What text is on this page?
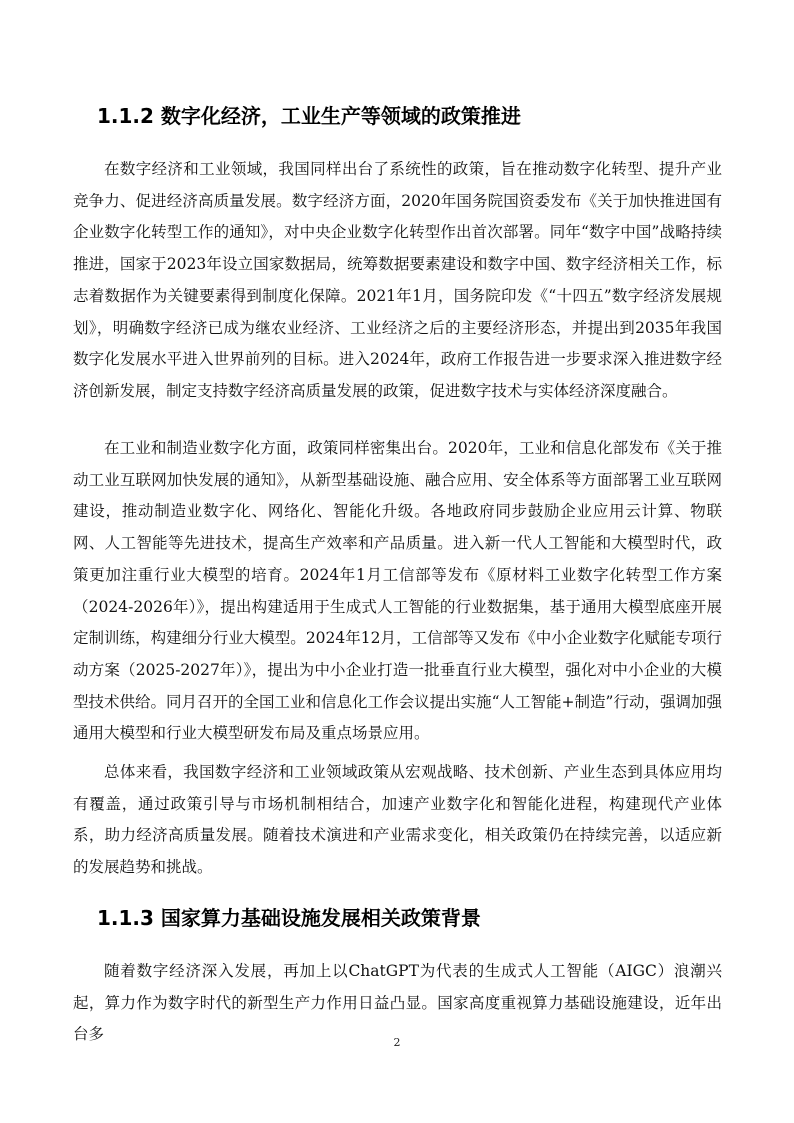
1.1.2 数字化经济，工业生产等领域的政策推进

在数字经济和工业领域，我国同样出台了系统性的政策，旨在推动数字化转型、提升产业竞争力、促进经济高质量发展。数字经济方面，2020年国务院国资委发布《关于加快推进国有企业数字化转型工作的通知》，对中央企业数字化转型作出首次部署。同年“数字中国”战略持续推进，国家于2023年设立国家数据局，统筹数据要素建设和数字中国、数字经济相关工作，标志着数据作为关键要素得到制度化保障。2021年1月，国务院印发《“十四五”数字经济发展规划》，明确数字经济已成为继农业经济、工业经济之后的主要经济形态，并提出到2035年我国数字化发展水平进入世界前列的目标。进入2024年，政府工作报告进一步要求深入推进数字经济创新发展，制定支持数字经济高质量发展的政策，促进数字技术与实体经济深度融合。

在工业和制造业数字化方面，政策同样密集出台。2020年，工业和信息化部发布《关于推动工业互联网加快发展的通知》，从新型基础设施、融合应用、安全体系等方面部署工业互联网建设，推动制造业数字化、网络化、智能化升级。各地政府同步鼓励企业应用云计算、物联网、人工智能等先进技术，提高生产效率和产品质量。进入新一代人工智能和大模型时代，政策更加注重行业大模型的培育。2024年1月工信部等发布《原材料工业数字化转型工作方案（2024-2026年）》，提出构建适用于生成式人工智能的行业数据集，基于通用大模型底座开展定制训练，构建细分行业大模型。2024年12月，工信部等又发布《中小企业数字化赋能专项行动方案（2025-2027年）》，提出为中小企业打造一批垂直行业大模型，强化对中小企业的大模型技术供给。同月召开的全国工业和信息化工作会议提出实施“人工智能+制造”行动，强调加强通用大模型和行业大模型研发布局及重点场景应用。

总体来看，我国数字经济和工业领域政策从宏观战略、技术创新、产业生态到具体应用均有覆盖，通过政策引导与市场机制相结合，加速产业数字化和智能化进程，构建现代产业体系，助力经济高质量发展。随着技术演进和产业需求变化，相关政策仍在持续完善，以适应新的发展趋势和挑战。

1.1.3 国家算力基础设施发展相关政策背景

随着数字经济深入发展，再加上以ChatGPT为代表的生成式人工智能（AIGC）浪潮兴起，算力作为数字时代的新型生产力作用日益凸显。国家高度重视算力基础设施建设，近年出台多	2
